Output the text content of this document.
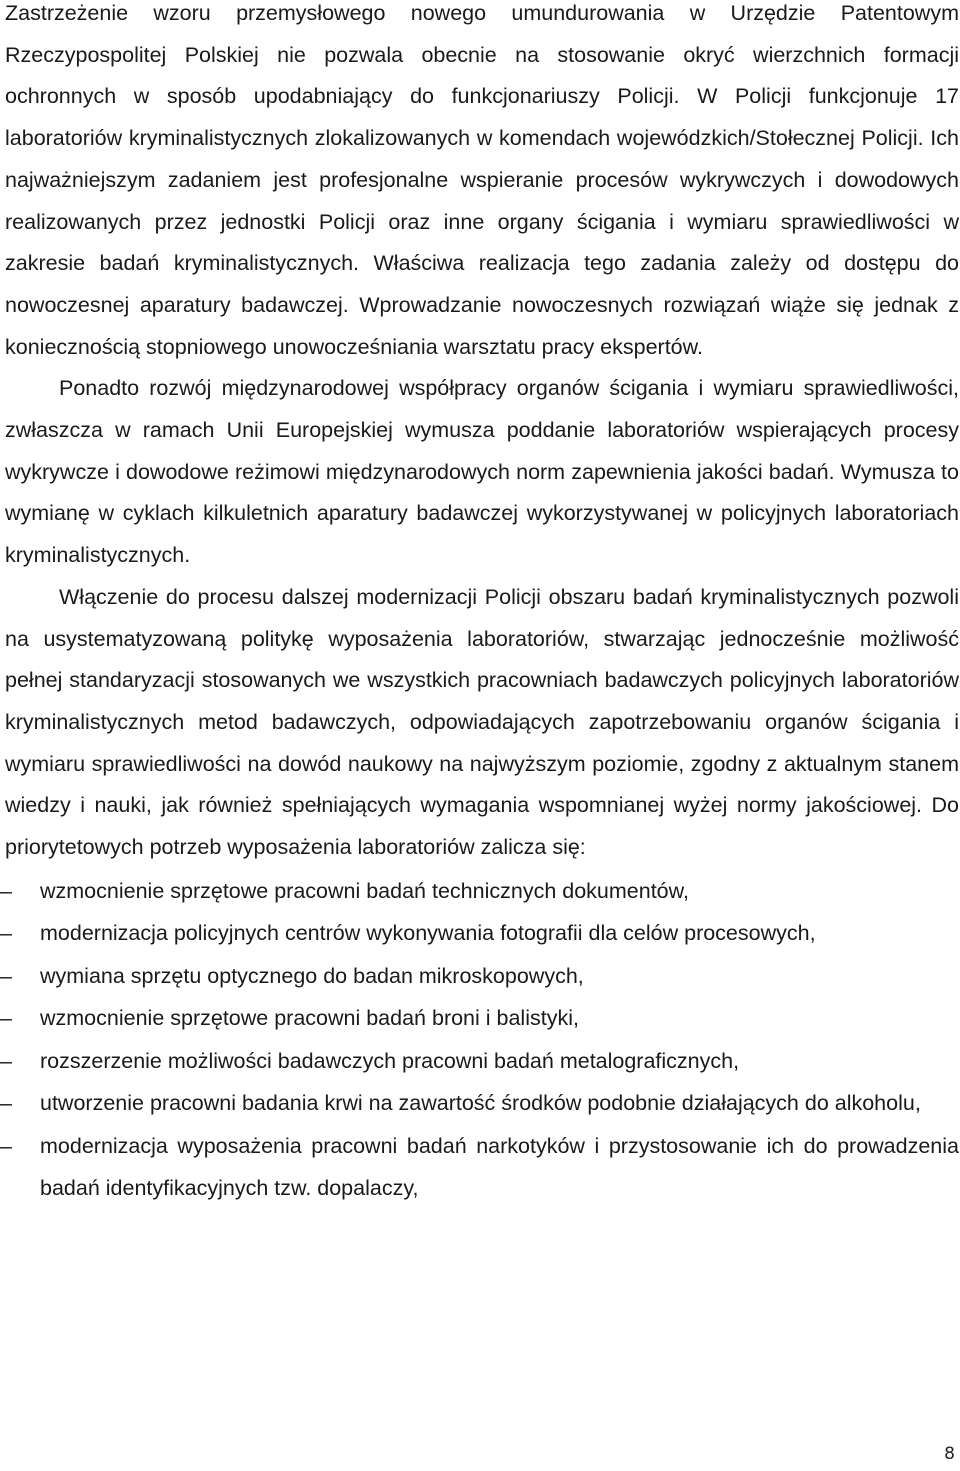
Zastrzeżenie wzoru przemysłowego nowego umundurowania w Urzędzie Patentowym Rzeczypospolitej Polskiej nie pozwala obecnie na stosowanie okryć wierzchnich formacji ochronnych w sposób upodabniający do funkcjonariuszy Policji. W Policji funkcjonuje 17 laboratoriów kryminalistycznych zlokalizowanych w komendach wojewódzkich/Stołecznej Policji. Ich najważniejszym zadaniem jest profesjonalne wspieranie procesów wykrywczych i dowodowych realizowanych przez jednostki Policji oraz inne organy ścigania i wymiaru sprawiedliwości w zakresie badań kryminalistycznych. Właściwa realizacja tego zadania zależy od dostępu do nowoczesnej aparatury badawczej. Wprowadzanie nowoczesnych rozwiązań wiąże się jednak z koniecznością stopniowego unowocześniania warsztatu pracy ekspertów.

Ponadto rozwój międzynarodowej współpracy organów ścigania i wymiaru sprawiedliwości, zwłaszcza w ramach Unii Europejskiej wymusza poddanie laboratoriów wspierających procesy wykrywcze i dowodowe reżimowi międzynarodowych norm zapewnienia jakości badań. Wymusza to wymianę w cyklach kilkuletnich aparatury badawczej wykorzystywanej w policyjnych laboratoriach kryminalistycznych.

Włączenie do procesu dalszej modernizacji Policji obszaru badań kryminalistycznych pozwoli na usystematyzowaną politykę wyposażenia laboratoriów, stwarzając jednocześnie możliwość pełnej standaryzacji stosowanych we wszystkich pracowniach badawczych policyjnych laboratoriów kryminalistycznych metod badawczych, odpowiadających zapotrzebowaniu organów ścigania i wymiaru sprawiedliwości na dowód naukowy na najwyższym poziomie, zgodny z aktualnym stanem wiedzy i nauki, jak również spełniających wymagania wspomnianej wyżej normy jakościowej. Do priorytetowych potrzeb wyposażenia laboratoriów zalicza się:

–	wzmocnienie sprzętowe pracowni badań technicznych dokumentów,
–	modernizacja policyjnych centrów wykonywania fotografii dla celów procesowych,
–	wymiana sprzętu optycznego do badan mikroskopowych,
–	wzmocnienie sprzętowe pracowni badań broni i balistyki,
–	rozszerzenie możliwości badawczych pracowni badań metalograficznych,
–	utworzenie pracowni badania krwi na zawartość środków podobnie działających do alkoholu,
–	modernizacja wyposażenia pracowni badań narkotyków i przystosowanie ich do prowadzenia badań identyfikacyjnych tzw. dopalaczy,
8
